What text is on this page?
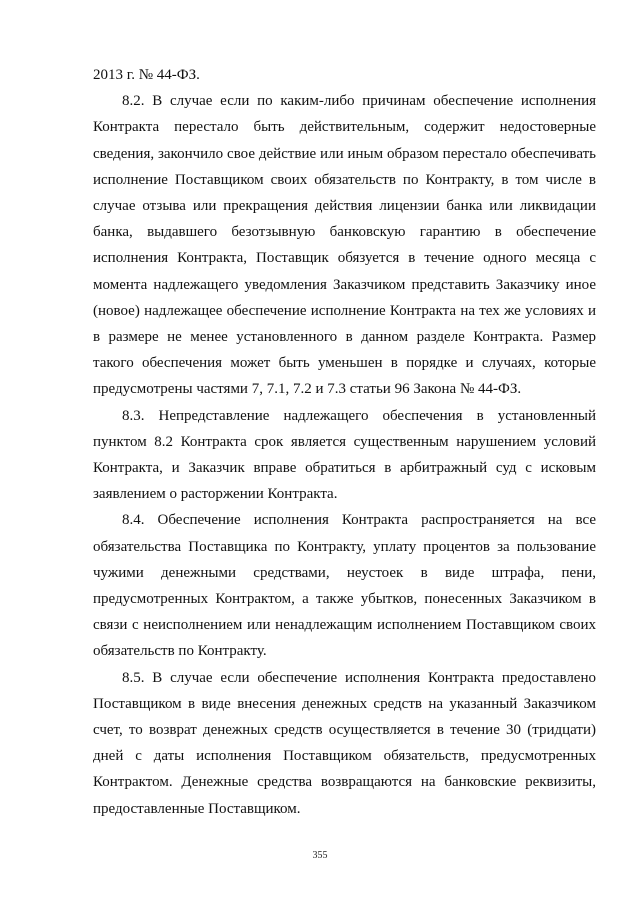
2013 г. № 44-ФЗ.

8.2. В случае если по каким-либо причинам обеспечение исполнения Контракта перестало быть действительным, содержит недостоверные сведения, закончило свое действие или иным образом перестало обеспечивать исполнение Поставщиком своих обязательств по Контракту, в том числе в случае отзыва или прекращения действия лицензии банка или ликвидации банка, выдавшего безотзывную банковскую гарантию в обеспечение исполнения Контракта, Поставщик обязуется в течение одного месяца с момента надлежащего уведомления Заказчиком представить Заказчику иное (новое) надлежащее обеспечение исполнение Контракта на тех же условиях и в размере не менее установленного в данном разделе Контракта. Размер такого обеспечения может быть уменьшен в порядке и случаях, которые предусмотрены частями 7, 7.1, 7.2 и 7.3 статьи 96 Закона № 44-ФЗ.

8.3. Непредставление надлежащего обеспечения в установленный пунктом 8.2 Контракта срок является существенным нарушением условий Контракта, и Заказчик вправе обратиться в арбитражный суд с исковым заявлением о расторжении Контракта.

8.4. Обеспечение исполнения Контракта распространяется на все обязательства Поставщика по Контракту, уплату процентов за пользование чужими денежными средствами, неустоек в виде штрафа, пени, предусмотренных Контрактом, а также убытков, понесенных Заказчиком в связи с неисполнением или ненадлежащим исполнением Поставщиком своих обязательств по Контракту.

8.5. В случае если обеспечение исполнения Контракта предоставлено Поставщиком в виде внесения денежных средств на указанный Заказчиком счет, то возврат денежных средств осуществляется в течение 30 (тридцати) дней с даты исполнения Поставщиком обязательств, предусмотренных Контрактом. Денежные средства возвращаются на банковские реквизиты, предоставленные Поставщиком.

355
